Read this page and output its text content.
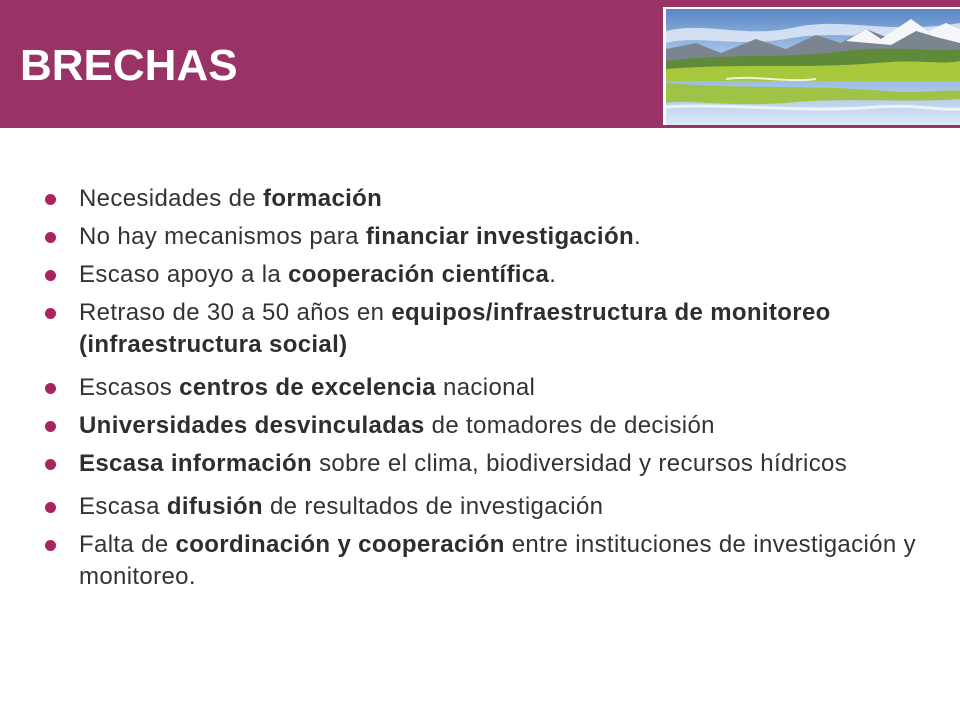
BRECHAS
Necesidades de formación
No hay mecanismos para financiar investigación.
Escaso apoyo a la cooperación científica.
Retraso de 30 a 50 años en equipos/infraestructura de monitoreo (infraestructura social)
Escasos centros de excelencia nacional
Universidades desvinculadas de tomadores de decisión
Escasa información sobre el clima, biodiversidad y recursos hídricos
Escasa difusión de resultados de investigación
Falta de coordinación y cooperación entre instituciones de investigación y monitoreo.
